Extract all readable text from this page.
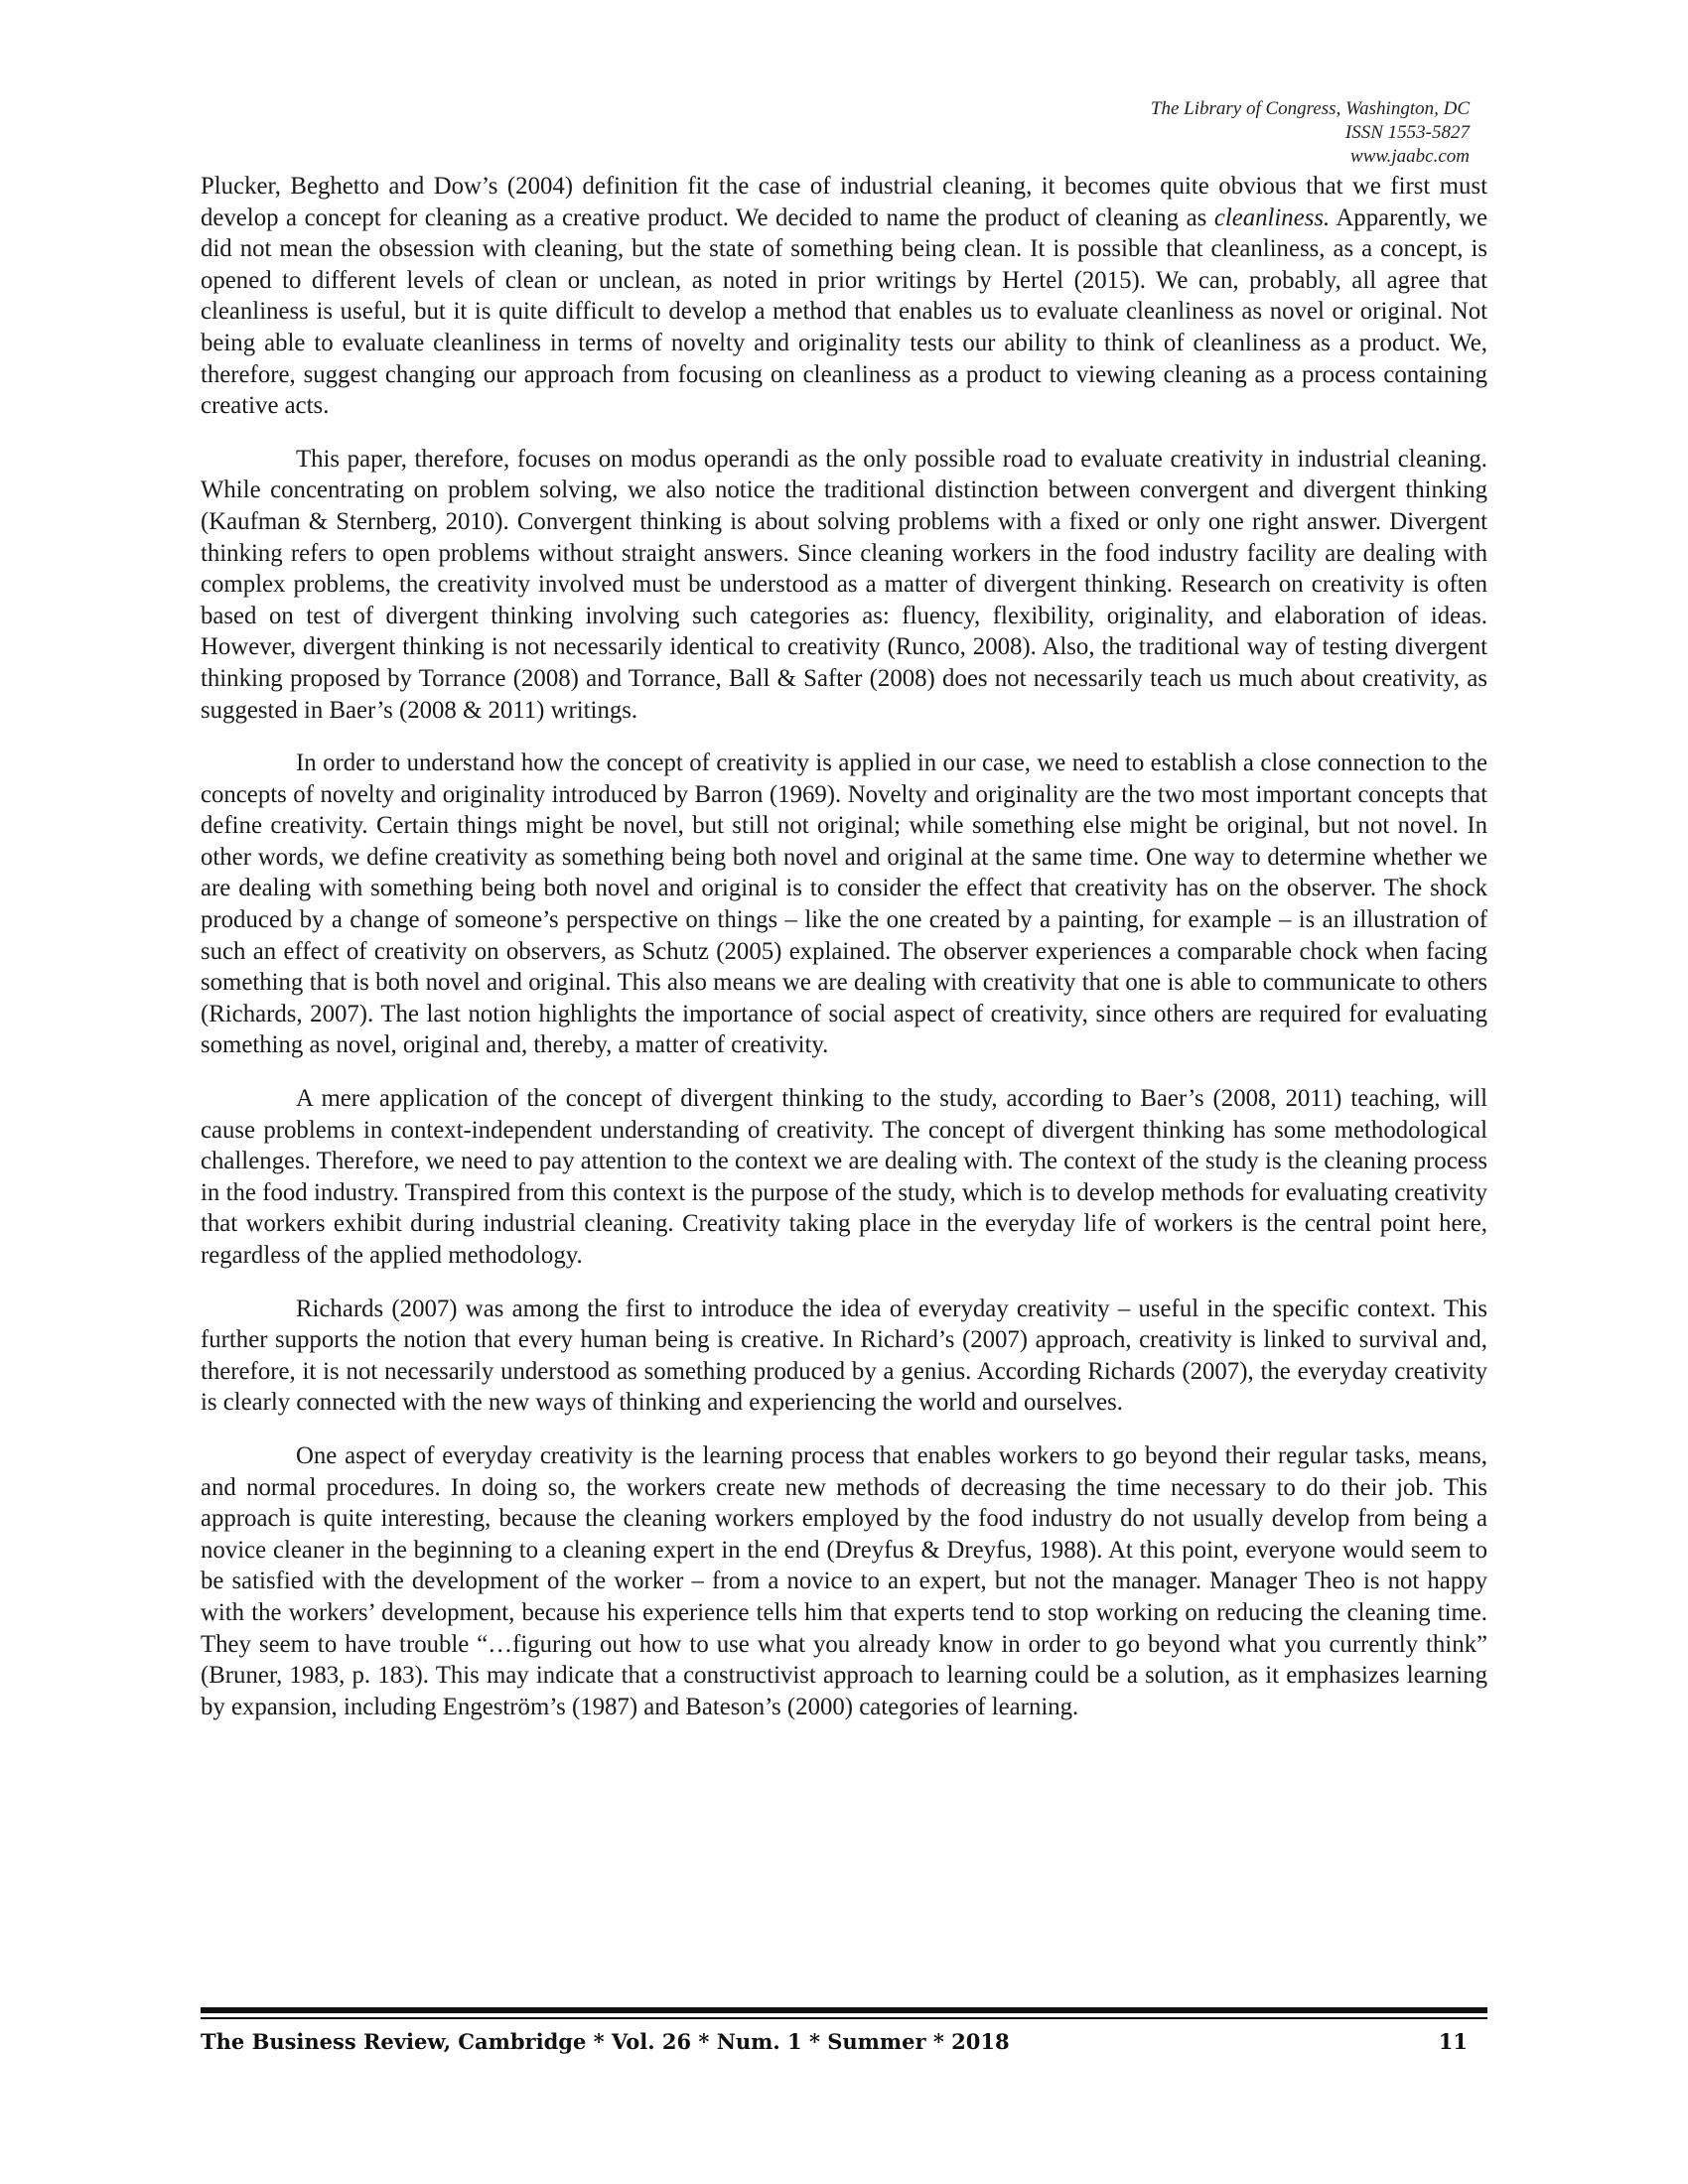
The Library of Congress, Washington, DC
ISSN 1553-5827
www.jaabc.com

Plucker, Beghetto and Dow’s (2004) definition fit the case of industrial cleaning, it becomes quite obvious that we first must develop a concept for cleaning as a creative product. We decided to name the product of cleaning as cleanliness. Apparently, we did not mean the obsession with cleaning, but the state of something being clean. It is possible that cleanliness, as a concept, is opened to different levels of clean or unclean, as noted in prior writings by Hertel (2015). We can, probably, all agree that cleanliness is useful, but it is quite difficult to develop a method that enables us to evaluate cleanliness as novel or original. Not being able to evaluate cleanliness in terms of novelty and originality tests our ability to think of cleanliness as a product. We, therefore, suggest changing our approach from focusing on cleanliness as a product to viewing cleaning as a process containing creative acts.

This paper, therefore, focuses on modus operandi as the only possible road to evaluate creativity in industrial cleaning. While concentrating on problem solving, we also notice the traditional distinction between convergent and divergent thinking (Kaufman & Sternberg, 2010). Convergent thinking is about solving problems with a fixed or only one right answer. Divergent thinking refers to open problems without straight answers. Since cleaning workers in the food industry facility are dealing with complex problems, the creativity involved must be understood as a matter of divergent thinking. Research on creativity is often based on test of divergent thinking involving such categories as: fluency, flexibility, originality, and elaboration of ideas. However, divergent thinking is not necessarily identical to creativity (Runco, 2008). Also, the traditional way of testing divergent thinking proposed by Torrance (2008) and Torrance, Ball & Safter (2008) does not necessarily teach us much about creativity, as suggested in Baer’s (2008 & 2011) writings.

In order to understand how the concept of creativity is applied in our case, we need to establish a close connection to the concepts of novelty and originality introduced by Barron (1969). Novelty and originality are the two most important concepts that define creativity. Certain things might be novel, but still not original; while something else might be original, but not novel. In other words, we define creativity as something being both novel and original at the same time. One way to determine whether we are dealing with something being both novel and original is to consider the effect that creativity has on the observer. The shock produced by a change of someone’s perspective on things – like the one created by a painting, for example – is an illustration of such an effect of creativity on observers, as Schutz (2005) explained. The observer experiences a comparable chock when facing something that is both novel and original. This also means we are dealing with creativity that one is able to communicate to others (Richards, 2007). The last notion highlights the importance of social aspect of creativity, since others are required for evaluating something as novel, original and, thereby, a matter of creativity.

A mere application of the concept of divergent thinking to the study, according to Baer’s (2008, 2011) teaching, will cause problems in context-independent understanding of creativity. The concept of divergent thinking has some methodological challenges. Therefore, we need to pay attention to the context we are dealing with. The context of the study is the cleaning process in the food industry. Transpired from this context is the purpose of the study, which is to develop methods for evaluating creativity that workers exhibit during industrial cleaning. Creativity taking place in the everyday life of workers is the central point here, regardless of the applied methodology.

Richards (2007) was among the first to introduce the idea of everyday creativity – useful in the specific context. This further supports the notion that every human being is creative. In Richard’s (2007) approach, creativity is linked to survival and, therefore, it is not necessarily understood as something produced by a genius. According Richards (2007), the everyday creativity is clearly connected with the new ways of thinking and experiencing the world and ourselves.

One aspect of everyday creativity is the learning process that enables workers to go beyond their regular tasks, means, and normal procedures. In doing so, the workers create new methods of decreasing the time necessary to do their job. This approach is quite interesting, because the cleaning workers employed by the food industry do not usually develop from being a novice cleaner in the beginning to a cleaning expert in the end (Dreyfus & Dreyfus, 1988). At this point, everyone would seem to be satisfied with the development of the worker – from a novice to an expert, but not the manager. Manager Theo is not happy with the workers’ development, because his experience tells him that experts tend to stop working on reducing the cleaning time. They seem to have trouble “…figuring out how to use what you already know in order to go beyond what you currently think” (Bruner, 1983, p. 183). This may indicate that a constructivist approach to learning could be a solution, as it emphasizes learning by expansion, including Engeström’s (1987) and Bateson’s (2000) categories of learning.

The Business Review, Cambridge * Vol. 26 * Num. 1 * Summer * 2018	11
